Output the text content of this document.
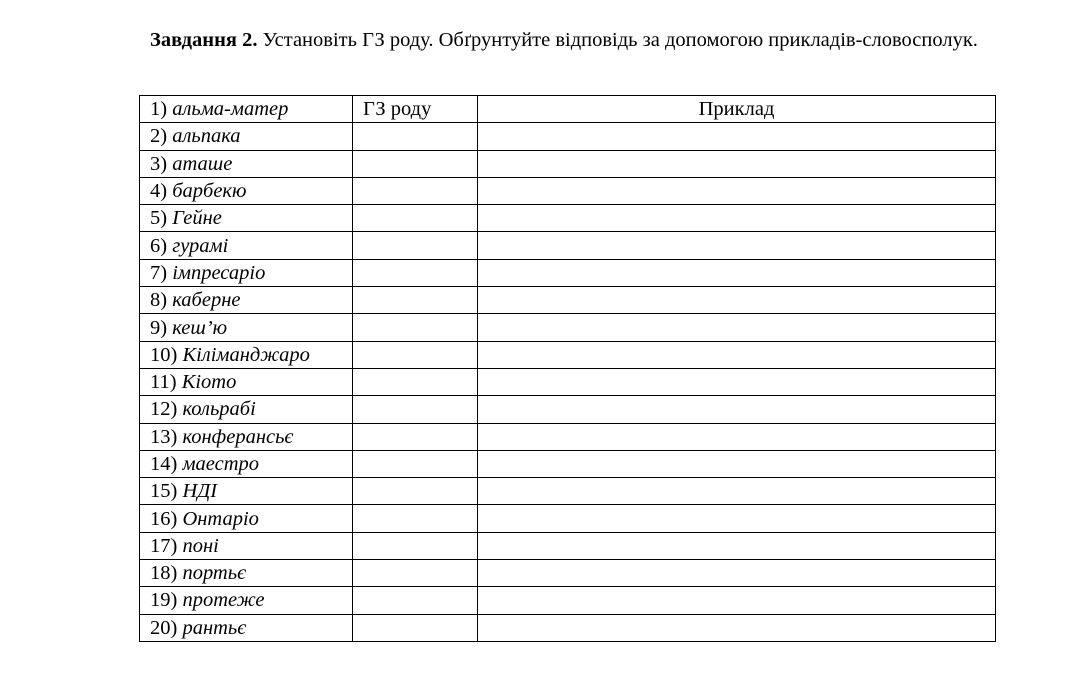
Завдання 2. Установіть ГЗ роду. Обґрунтуйте відповідь за допомогою прикладів-словосполук.
1) альма-матер	ГЗ роду	Приклад
2) альпака		
3) аташе		
4) барбекю		
5) Гейне		
6) гурамі		
7) імпресаріо		
8) каберне		
9) кеш’ю		
10) Кіліманджаро		
11) Кіото		
12) кольрабі		
13) конферансьє		
14) маестро		
15) НДІ		
16) Онтаріо		
17) поні		
18) портьє		
19) протеже		
20) рантьє		
